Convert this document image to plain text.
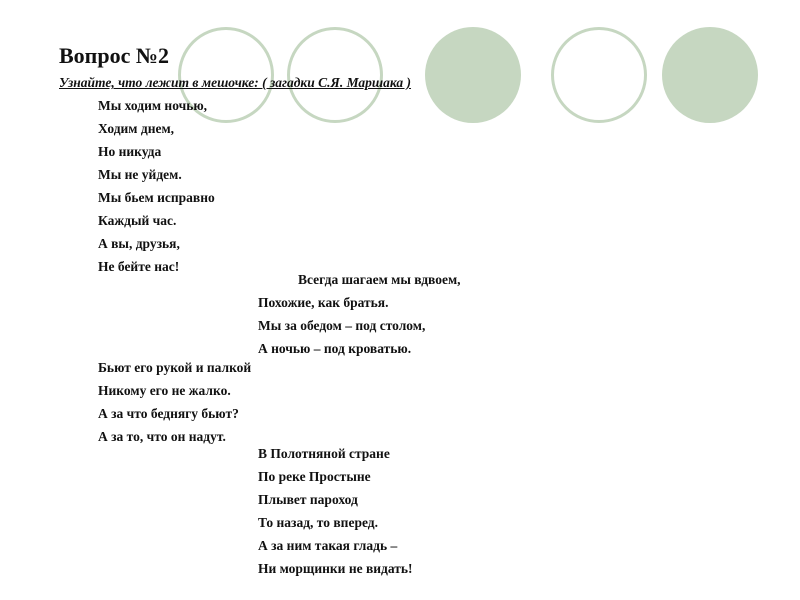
Вопрос №2

Узнайте, что лежит в мешочке: ( загадки С.Я. Маршака )

Мы ходим ночью,
Ходим днем,
Но никуда
Мы не уйдем.
Мы бьем исправно
Каждый час.
А вы, друзья,
Не бейте нас!
Всегда шагаем мы вдвоем,
Похожие, как братья.
Мы за обедом – под столом,
А ночью – под кроватью.
Бьют его рукой и палкой
Никому его не жалко.
А за что беднягу бьют?
А за то, что он надут.
В Полотняной стране
По реке Простыне
Плывет пароход
То назад, то вперед.
А за ним такая гладь –
Ни морщинки не видать!
